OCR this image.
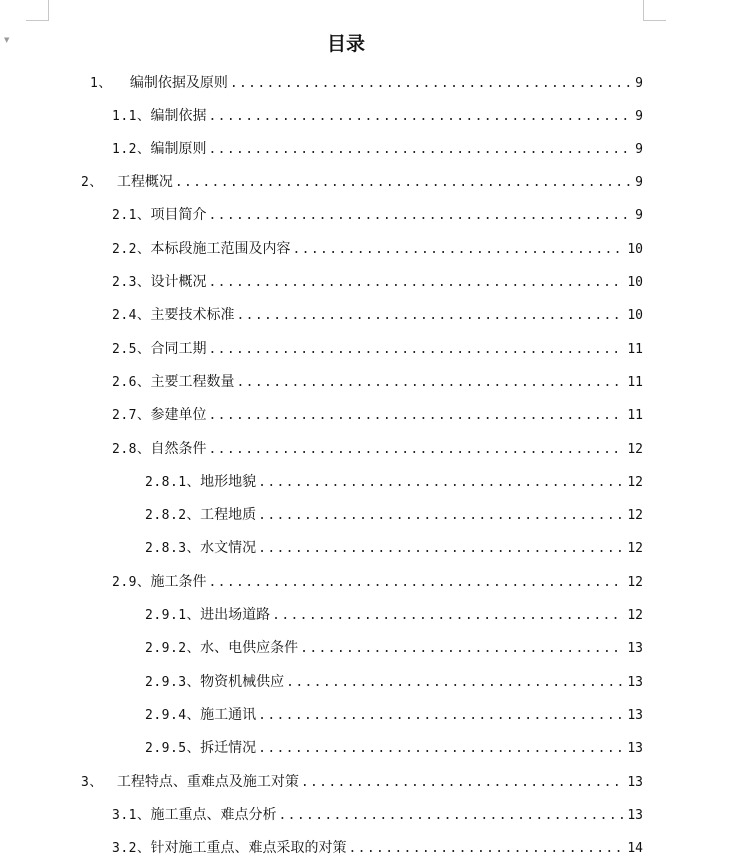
▼	目录
1、 编制依据及原则 .....	9
1.1、 编制依据 .....	9
1.2、 编制原则 .....	9
2、 工程概况 .....	9
2.1、 项目简介 .....	9
2.2、 本标段施工范围及内容 .....	10
2.3、 设计概况 .....	10
2.4、 主要技术标准 .....	10
2.5、 合同工期 .....	11
2.6、 主要工程数量 .....	11
2.7、 参建单位 .....	11
2.8、 自然条件 .....	12
2.8.1、 地形地貌 .....	12
2.8.2、 工程地质 .....	12
2.8.3、 水文情况 .....	12
2.9、 施工条件 .....	12
2.9.1、 进出场道路 .....	12
2.9.2、 水、电供应条件 .....	13
2.9.3、 物资机械供应 .....	13
2.9.4、 施工通讯 .....	13
2.9.5、 拆迁情况 .....	13
3、 工程特点、重难点及施工对策 .....	13
3.1、 施工重点、难点分析 .....	13
3.2、 针对施工重点、难点采取的对策 .....	14
